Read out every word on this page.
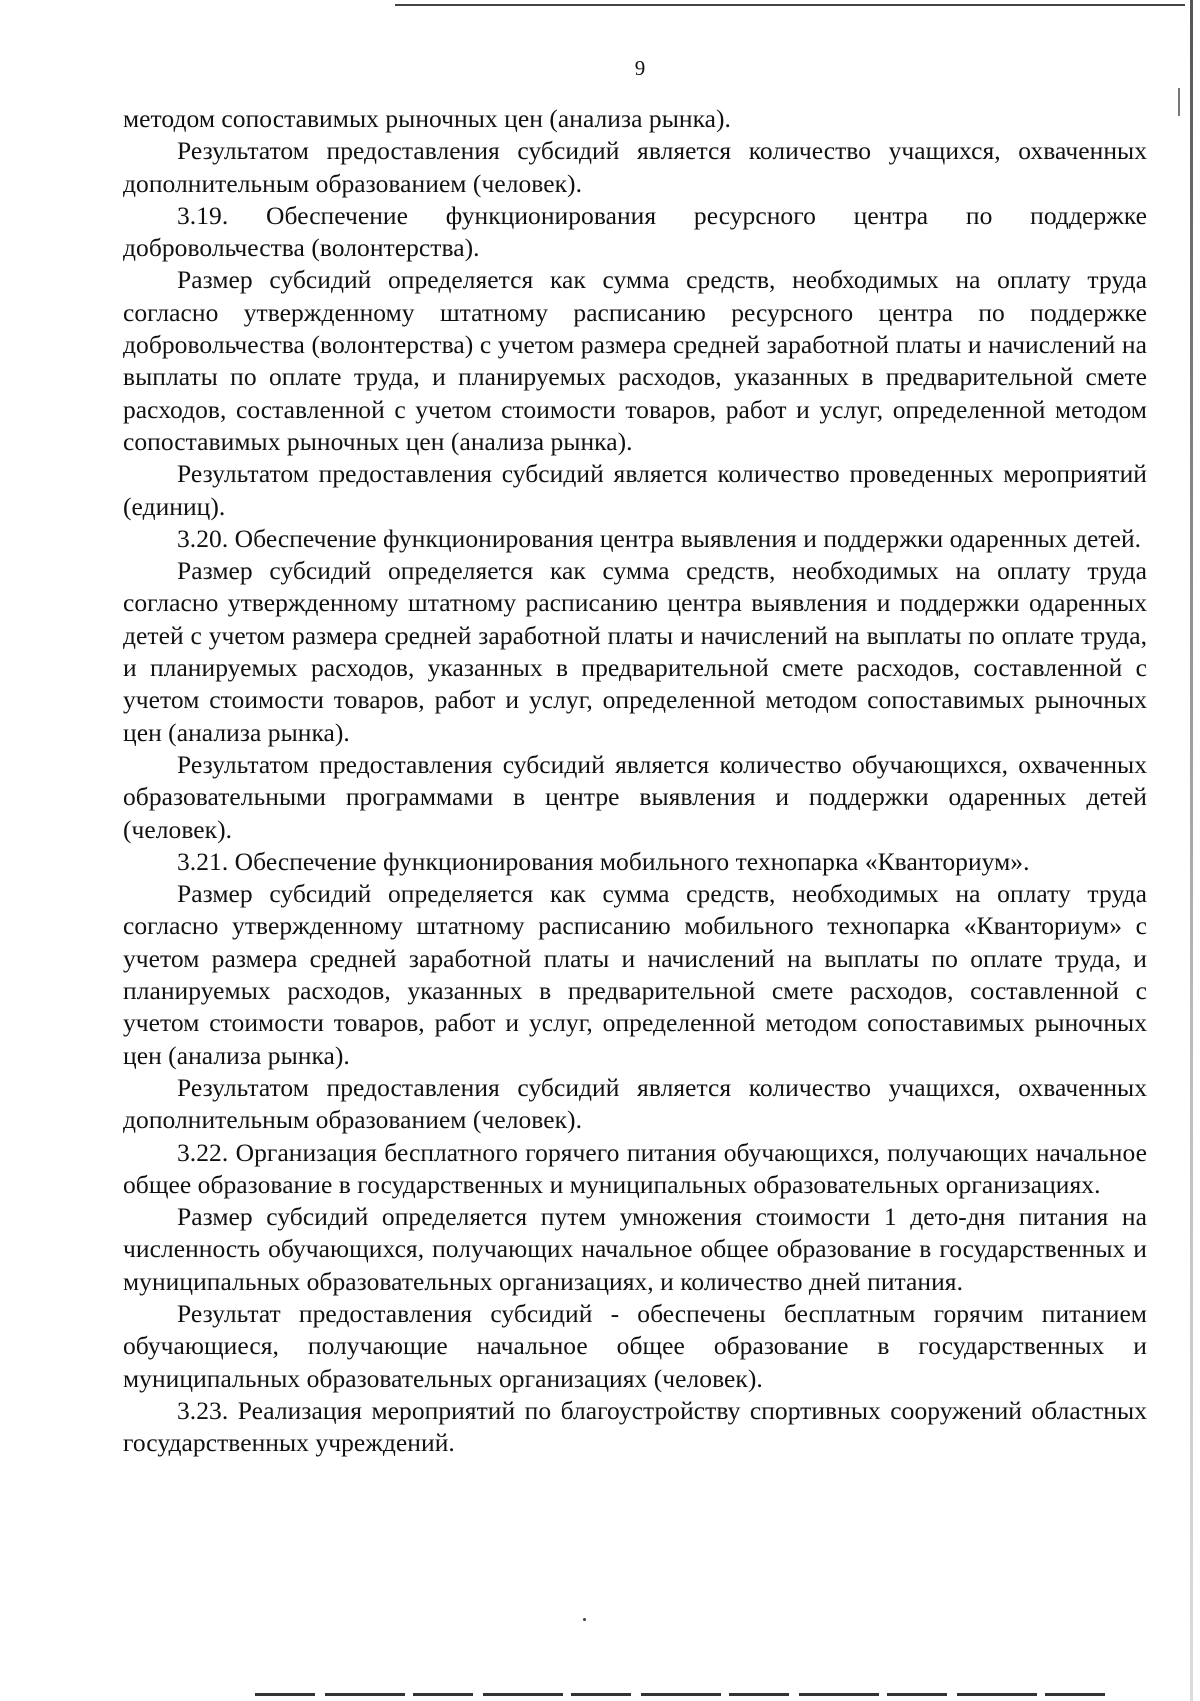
9

методом сопоставимых рыночных цен (анализа рынка).

Результатом предоставления субсидий является количество учащихся, охваченных дополнительным образованием (человек).

3.19. Обеспечение функционирования ресурсного центра по поддержке добровольчества (волонтерства).

Размер субсидий определяется как сумма средств, необходимых на оплату труда согласно утвержденному штатному расписанию ресурсного центра по поддержке добровольчества (волонтерства) с учетом размера средней заработной платы и начислений на выплаты по оплате труда, и планируемых расходов, указанных в предварительной смете расходов, составленной с учетом стоимости товаров, работ и услуг, определенной методом сопоставимых рыночных цен (анализа рынка).

Результатом предоставления субсидий является количество проведенных мероприятий (единиц).

3.20. Обеспечение функционирования центра выявления и поддержки одаренных детей.

Размер субсидий определяется как сумма средств, необходимых на оплату труда согласно утвержденному штатному расписанию центра выявления и поддержки одаренных детей с учетом размера средней заработной платы и начислений на выплаты по оплате труда, и планируемых расходов, указанных в предварительной смете расходов, составленной с учетом стоимости товаров, работ и услуг, определенной методом сопоставимых рыночных цен (анализа рынка).

Результатом предоставления субсидий является количество обучающихся, охваченных образовательными программами в центре выявления и поддержки одаренных детей (человек).

3.21. Обеспечение функционирования мобильного технопарка «Кванториум».

Размер субсидий определяется как сумма средств, необходимых на оплату труда согласно утвержденному штатному расписанию мобильного технопарка «Кванториум» с учетом размера средней заработной платы и начислений на выплаты по оплате труда, и планируемых расходов, указанных в предварительной смете расходов, составленной с учетом стоимости товаров, работ и услуг, определенной методом сопоставимых рыночных цен (анализа рынка).

Результатом предоставления субсидий является количество учащихся, охваченных дополнительным образованием (человек).

3.22. Организация бесплатного горячего питания обучающихся, получающих начальное общее образование в государственных и муниципальных образовательных организациях.

Размер субсидий определяется путем умножения стоимости 1 дето-дня питания на численность обучающихся, получающих начальное общее образование в государственных и муниципальных образовательных организациях, и количество дней питания.

Результат предоставления субсидий - обеспечены бесплатным горячим питанием обучающиеся, получающие начальное общее образование в государственных и муниципальных образовательных организациях (человек).

3.23. Реализация мероприятий по благоустройству спортивных сооружений областных государственных учреждений.
